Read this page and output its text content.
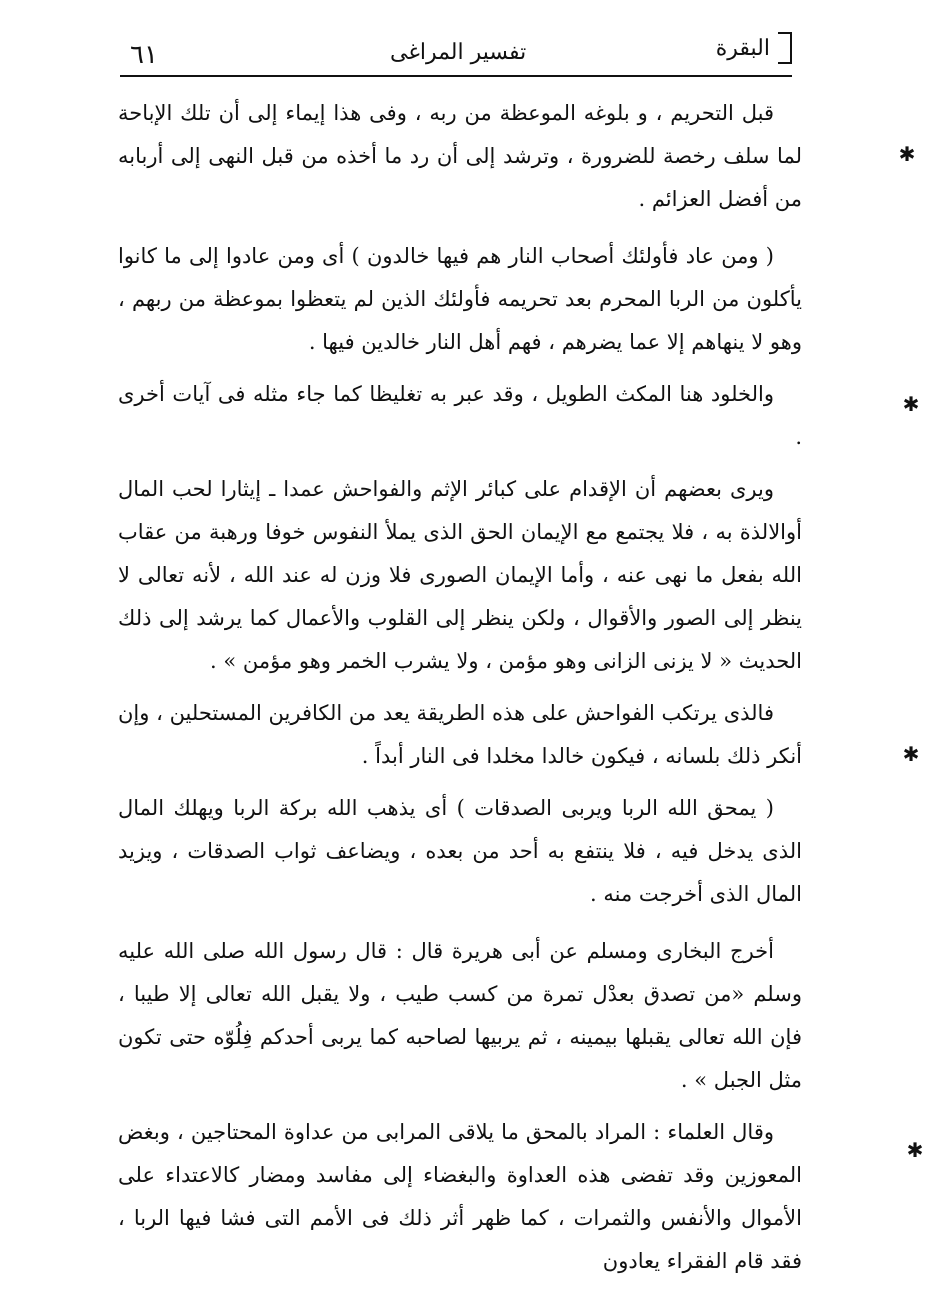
٦١	تفسير المراغى	البقرة

قبل التحريم ، و بلوغه الموعظة من ربه ، وفى هذا إيماء إلى أن تلك الإباحة لما سلف رخصة للضرورة ، وترشد إلى أن رد ما أخذه من قبل النهى إلى أربابه من أفضل العزائم .

( ومن عاد فأولئك أصحاب النار هم فيها خالدون ) أى ومن عادوا إلى ما كانوا يأكلون من الربا المحرم بعد تحريمه فأولئك الذين لم يتعظوا بموعظة من ربهم ، وهو لا ينهاهم إلا عما يضرهم ، فهم أهل النار خالدين فيها .

والخلود هنا المكث الطويل ، وقد عبر به تغليظا كما جاء مثله فى آيات أخرى .

ويرى بعضهم أن الإقدام على كبائر الإثم والفواحش عمدا ـ إيثارا لحب المال أوالالذة به ، فلا يجتمع مع الإيمان الحق الذى يملأ النفوس خوفا ورهبة من عقاب الله بفعل ما نهى عنه ، وأما الإيمان الصورى فلا وزن له عند الله ، لأنه تعالى لا ينظر إلى الصور والأقوال ، ولكن ينظر إلى القلوب والأعمال كما يرشد إلى ذلك الحديث « لا يزنى الزانى وهو مؤمن ، ولا يشرب الخمر وهو مؤمن » .

فالذى يرتكب الفواحش على هذه الطريقة يعد من الكافرين المستحلين ، وإن أنكر ذلك بلسانه ، فيكون خالدا مخلدا فى النار أبداً .

( يمحق الله الربا ويربى الصدقات ) أى يذهب الله بركة الربا ويهلك المال الذى يدخل فيه ، فلا ينتفع به أحد من بعده ، ويضاعف ثواب الصدقات ، ويزيد المال الذى أخرجت منه .

أخرج البخارى ومسلم عن أبى هريرة قال : قال رسول الله صلى الله عليه وسلم «من تصدق بعدْل تمرة من كسب طيب ، ولا يقبل الله تعالى إلا طيبا ، فإن الله تعالى يقبلها بيمينه ، ثم يربيها لصاحبه كما يربى أحدكم فِلُوّه حتى تكون مثل الجبل » .

وقال العلماء : المراد بالمحق ما يلاقى المرابى من عداوة المحتاجين ، وبغض المعوزين وقد تفضى هذه العداوة والبغضاء إلى مفاسد ومضار كالاعتداء على الأموال والأنفس والثمرات ، كما ظهر أثر ذلك فى الأمم التى فشا فيها الربا ، فقد قام الفقراء يعادون

✱
✱
✱
✱
